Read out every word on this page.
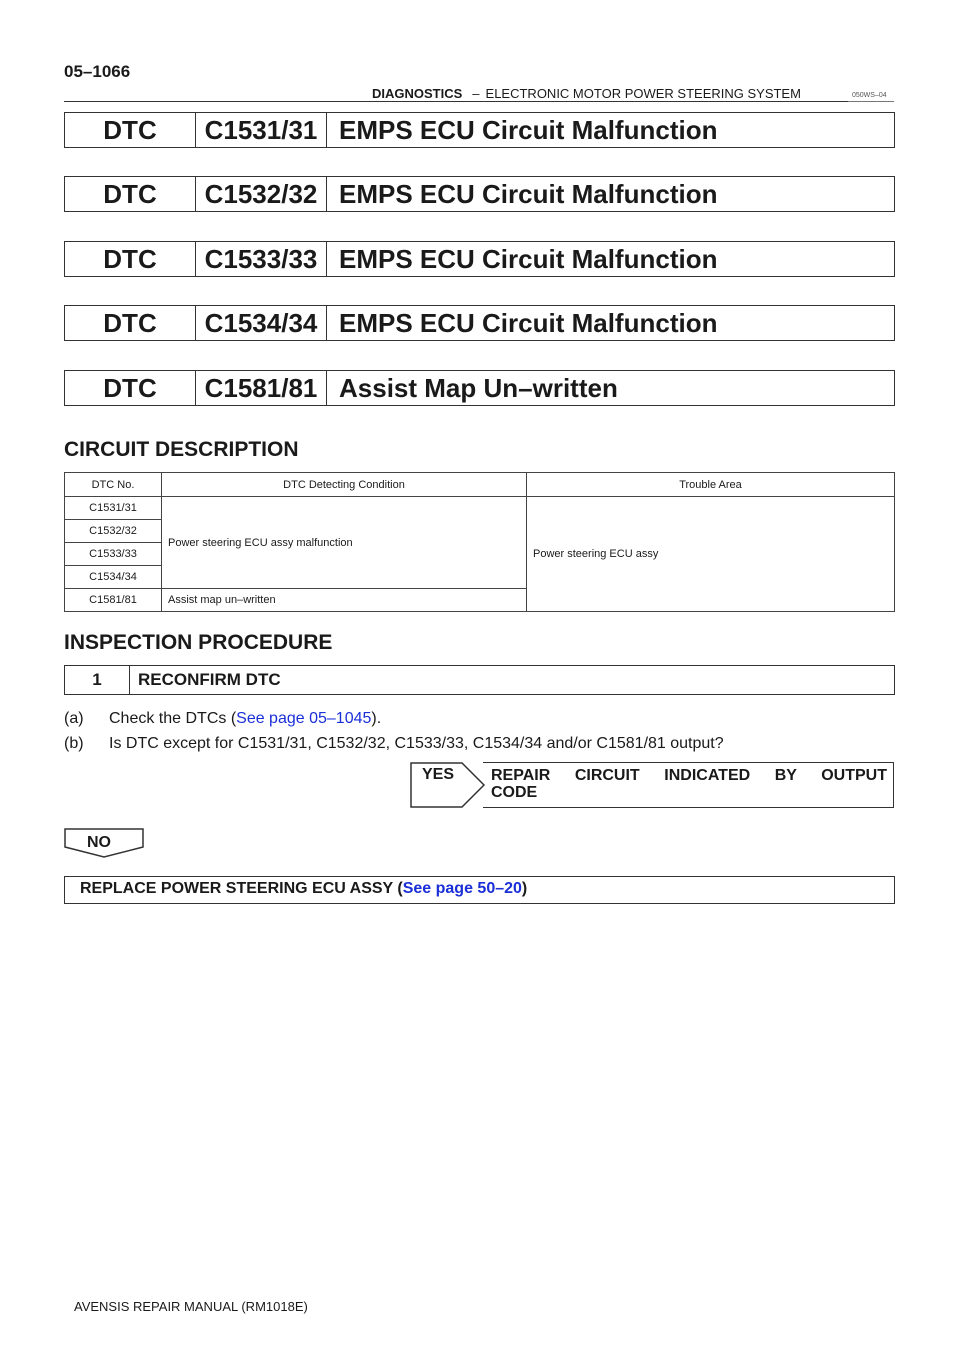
05–1066
DIAGNOSTICS – ELECTRONIC MOTOR POWER STEERING SYSTEM	050WS–04
DTC	C1531/31 EMPS ECU Circuit Malfunction
DTC	C1532/32 EMPS ECU Circuit Malfunction
DTC	C1533/33 EMPS ECU Circuit Malfunction
DTC	C1534/34 EMPS ECU Circuit Malfunction
DTC	C1581/81 Assist Map Un–written
CIRCUIT DESCRIPTION
DTC No.	DTC Detecting Condition	Trouble Area
C1531/31	Power steering ECU assy malfunction	Power steering ECU assy
C1532/32		
C1533/33		
C1534/34		
C1581/81	Assist map un–written	
INSPECTION PROCEDURE
1	RECONFIRM DTC
(a) Check the DTCs (See page 05–1045).
(b) Is DTC except for C1531/31, C1532/32, C1533/33, C1534/34 and/or C1581/81 output?
YES REPAIR CIRCUIT INDICATED BY OUTPUT
CODE
NO
REPLACE POWER STEERING ECU ASSY (See page 50–20)
AVENSIS REPAIR MANUAL (RM1018E)
